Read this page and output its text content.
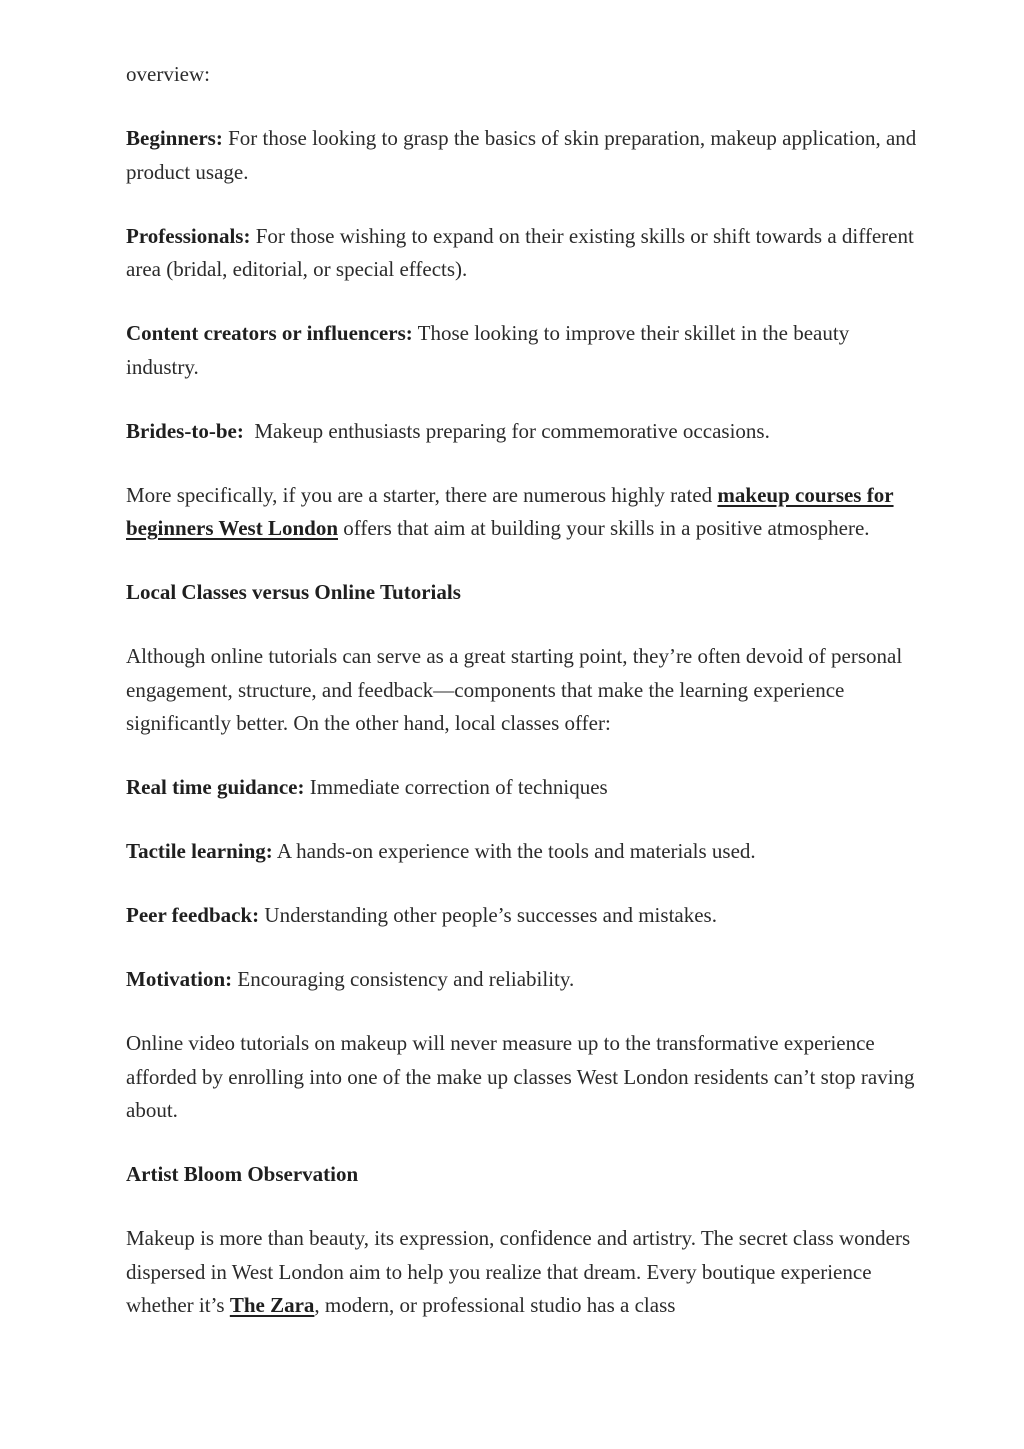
overview:

Beginners: For those looking to grasp the basics of skin preparation, makeup application, and product usage.

Professionals: For those wishing to expand on their existing skills or shift towards a different area (bridal, editorial, or special effects).

Content creators or influencers: Those looking to improve their skillet in the beauty industry.

Brides-to-be:  Makeup enthusiasts preparing for commemorative occasions.

More specifically, if you are a starter, there are numerous highly rated makeup courses for beginners West London offers that aim at building your skills in a positive atmosphere.

Local Classes versus Online Tutorials

Although online tutorials can serve as a great starting point, they’re often devoid of personal engagement, structure, and feedback—components that make the learning experience significantly better. On the other hand, local classes offer:

Real time guidance: Immediate correction of techniques

Tactile learning: A hands-on experience with the tools and materials used.

Peer feedback: Understanding other people’s successes and mistakes.

Motivation: Encouraging consistency and reliability.

Online video tutorials on makeup will never measure up to the transformative experience afforded by enrolling into one of the make up classes West London residents can’t stop raving about.

Artist Bloom Observation

Makeup is more than beauty, its expression, confidence and artistry. The secret class wonders dispersed in West London aim to help you realize that dream. Every boutique experience whether it’s The Zara, modern, or professional studio has a class
